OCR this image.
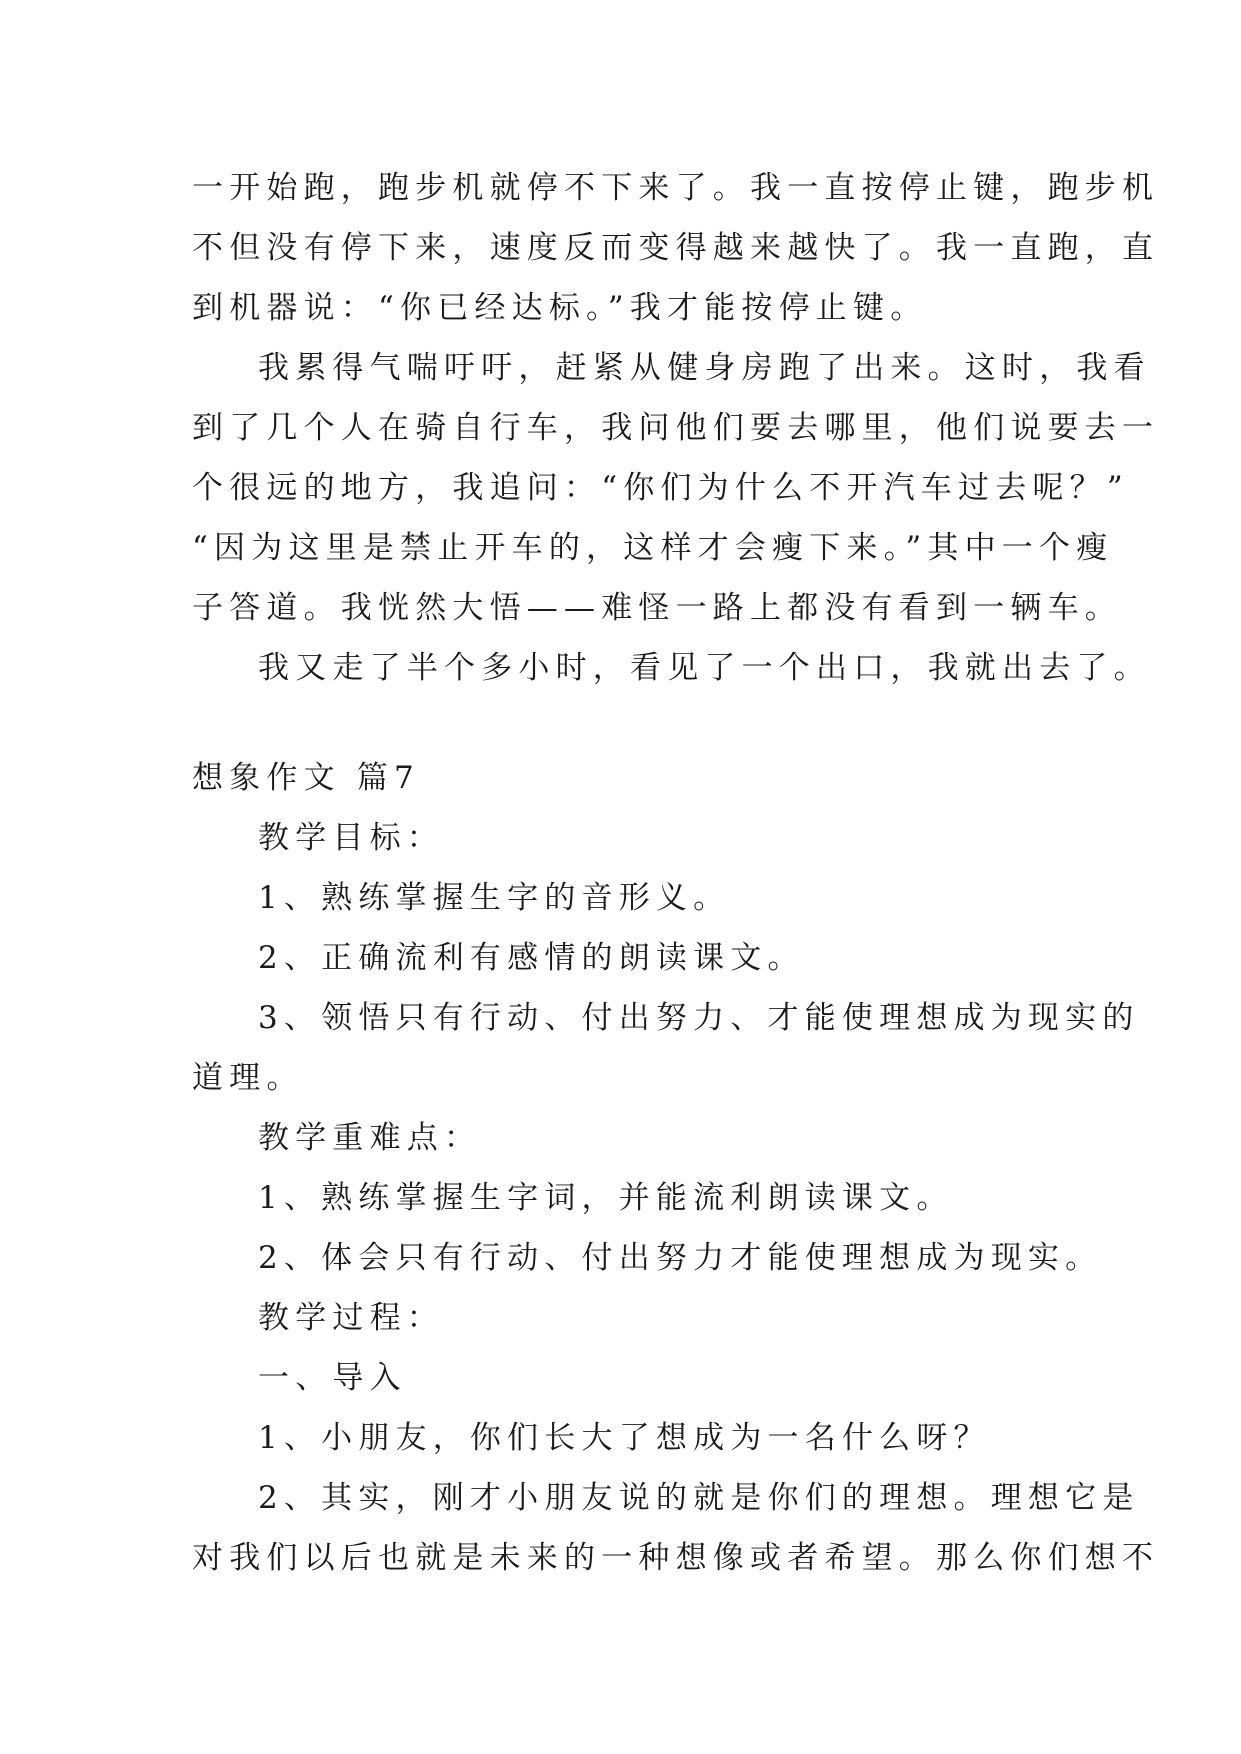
一开始跑，跑步机就停不下来了。我一直按停止键，跑步机
不但没有停下来，速度反而变得越来越快了。我一直跑，直
到机器说：“你已经达标。”我才能按停止键。
我累得气喘吁吁，赶紧从健身房跑了出来。这时，我看
到了几个人在骑自行车，我问他们要去哪里，他们说要去一
个很远的地方，我追问：“你们为什么不开汽车过去呢？”
“因为这里是禁止开车的，这样才会瘦下来。”其中一个瘦
子答道。我恍然大悟——难怪一路上都没有看到一辆车。
我又走了半个多小时，看见了一个出口，我就出去了。
想象作文 篇7
教学目标：
1、熟练掌握生字的音形义。
2、正确流利有感情的朗读课文。
3、领悟只有行动、付出努力、才能使理想成为现实的
道理。
教学重难点：
1、熟练掌握生字词，并能流利朗读课文。
2、体会只有行动、付出努力才能使理想成为现实。
教学过程：
一、导入
1、小朋友，你们长大了想成为一名什么呀？
2、其实，刚才小朋友说的就是你们的理想。理想它是
对我们以后也就是未来的一种想像或者希望。那么你们想不
